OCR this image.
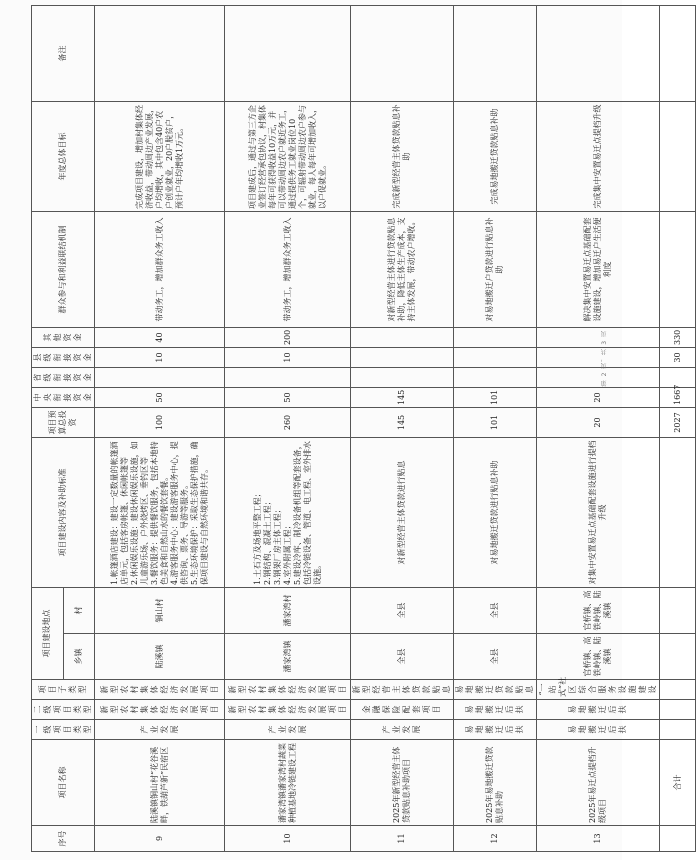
序号	项目名称	一级项目类型	二级项目类型	项目子类型	项目建设地点		项目建设内容及补助标准	项目预算总投资	中央衔接资金	省级衔接资金	县级衔接资金	其他资金	群众参与和利益联结机制	年度总体目标	备注
					乡镇	村									
9	陆溪镇铜山村“花谷溪畔，铁葫芦新”民宿区	产业发展	新型农村集体经济发展项目	新型农村集体经济发展项目	陆溪镇	铜山村	1.帐篷酒店建设：建设一定数量的帐篷酒店单元，包括客房帐篷、休闲帐篷等
2.休闲娱乐设施：建设休闲娱乐设施，如儿童游乐场、户外烧烤区、垂钓区等
3.餐饮服务：提供餐饮服务，包括本地特色美食和自然山水的餐饮套餐。
4.游客服务中心：建设游客服务中心，提供咨询、票务、导游等服务。
5.生态环境保护：采取生态保护措施，确保项目建设与自然环境和谐共存。	100	50		10	40	带动务工，增加群众务工收入	完成项目建设，增加村集体经济收益，带动周边产业发展，户均增收，其中包含40户农户创业就业，20户脱贫户，预计户年均增收1万元。	
10	潘家湾镇潘家湾村蔬菜种植基地冷链建设工程	产业发展	新型农村集体经济发展项目	新型农村集体经济发展项目	潘家湾镇	潘家湾村	1.土石方及场地平整工程；
2.钢结构、混凝土工程；
3.钢架厂房主体工程；
4.室外附属工程；
5.建设冷库、制冷设备机组等配套设备，包括冷链设备、管道、电工程、室外排水设施。	260	50		10	200	带动务工，增加群众务工收入	项目建成后，通过与第三方企业签订经营承包协议，村集体每年可获得收益10万元，并可以带动周边农户就近务工，通过提供务工就业岗位10个，可辐射带动周边农户参与就业，每人每年可增加收入，以户促就业。	
11	2025年新型经营主体贷款贴息补助项目	产业发展	金融保险配套项目	新型经营主体贷款贴息	全县	全县	对新型经营主体贷款进行贴息	145	145				对新型经营主体进行贷款贴息补助，降低主体生产成本，支持主体发展，带动农户增收。	完成新型经营主体贷款贴息补助	
12	2025年易地搬迁贷款贴息补助	易地搬迁后扶	易地搬迁后扶	易地搬迁贷款贴息	全县	全县	对易地搬迁贷款进行贴息补助	101	101				对易地搬迁户贷款进行贴息补助	完成易地搬迁贷款贴息补助	
13	2025年易迁点提档升级项目	易地搬迁后扶	易地搬迁后扶	“一站式”社区综合服务设施建设	官桥镇、高铁岭镇、陆溪镇	官桥镇、高铁岭镇、陆溪镇	对集中安置易迁点基础配套设施进行提档升级	20	20				解决集中安置易迁点基础配套设施建设，增加易迁户生活便利度	完成集中安置易迁点提档升级	
	合计							2027	1667		30	330			
第 2 页，共 3 页
